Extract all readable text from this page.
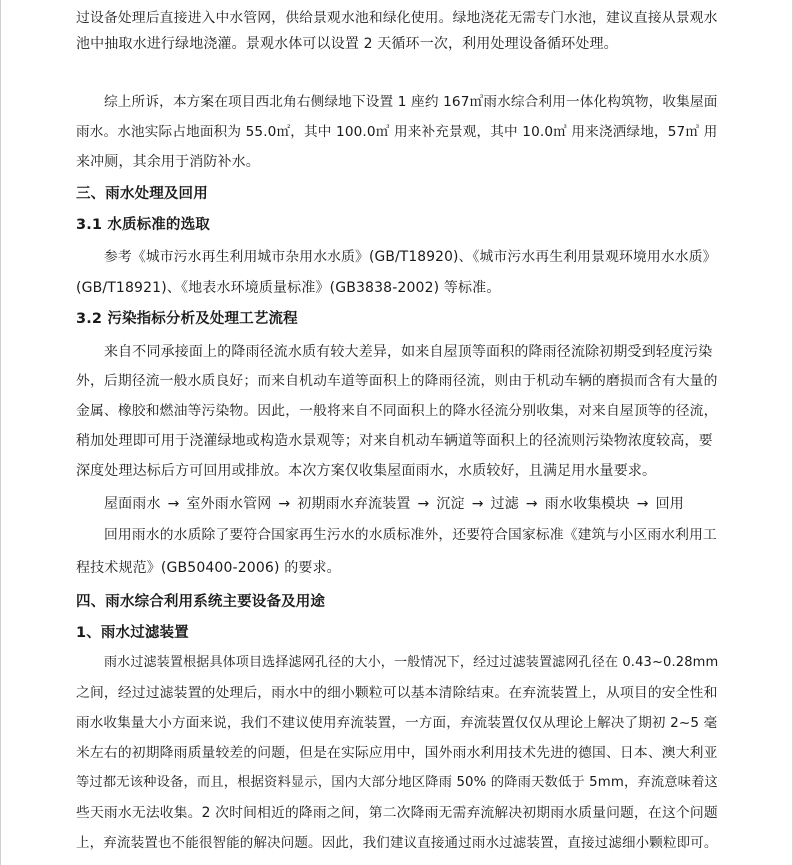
过设备处理后直接进入中水管网，供给景观水池和绿化使用。绿地浇花无需专门水池，建议直接从景观水
池中抽取水进行绿地浇灌。景观水体可以设置 2 天循环一次，利用处理设备循环处理。
综上所诉，本方案在项目西北角右侧绿地下设置 1 座约 167㎥雨水综合利用一体化构筑物，收集屋面
雨水。水池实际占地面积为 55.0㎡，其中 100.0㎥ 用来补充景观，其中 10.0㎥ 用来浇洒绿地，57㎥ 用
来冲厕，其余用于消防补水。
三、雨水处理及回用
3.1 水质标准的选取
参考《城市污水再生利用城市杂用水水质》(GB/T18920)、《城市污水再生利用景观环境用水水质》
(GB/T18921)、《地表水环境质量标准》(GB3838-2002) 等标准。
3.2 污染指标分析及处理工艺流程
来自不同承接面上的降雨径流水质有较大差异，如来自屋顶等面积的降雨径流除初期受到轻度污染
外，后期径流一般水质良好；而来自机动车道等面积上的降雨径流，则由于机动车辆的磨损而含有大量的
金属、橡胶和燃油等污染物。因此，一般将来自不同面积上的降水径流分别收集，对来自屋顶等的径流，
稍加处理即可用于浇灌绿地或构造水景观等；对来自机动车辆道等面积上的径流则污染物浓度较高，要
深度处理达标后方可回用或排放。本次方案仅收集屋面雨水，水质较好，且满足用水量要求。
屋面雨水 → 室外雨水管网 → 初期雨水弃流装置 → 沉淀 → 过滤 → 雨水收集模块 → 回用
回用雨水的水质除了要符合国家再生污水的水质标准外，还要符合国家标准《建筑与小区雨水利用工
程技术规范》(GB50400-2006) 的要求。
四、雨水综合利用系统主要设备及用途
1、雨水过滤装置
雨水过滤装置根据具体项目选择滤网孔径的大小，一般情况下，经过过滤装置滤网孔径在 0.43~0.28mm
之间，经过过滤装置的处理后，雨水中的细小颗粒可以基本清除结束。在弃流装置上，从项目的安全性和
雨水收集量大小方面来说，我们不建议使用弃流装置，一方面，弃流装置仅仅从理论上解决了期初 2~5 毫
米左右的初期降雨质量较差的问题，但是在实际应用中，国外雨水利用技术先进的德国、日本、澳大利亚
等过都无该种设备，而且，根据资料显示，国内大部分地区降雨 50% 的降雨天数低于 5mm，弃流意味着这
些天雨水无法收集。2 次时间相近的降雨之间，第二次降雨无需弃流解决初期雨水质量问题，在这个问题
上，弃流装置也不能很智能的解决问题。因此，我们建议直接通过雨水过滤装置，直接过滤细小颗粒即可。
